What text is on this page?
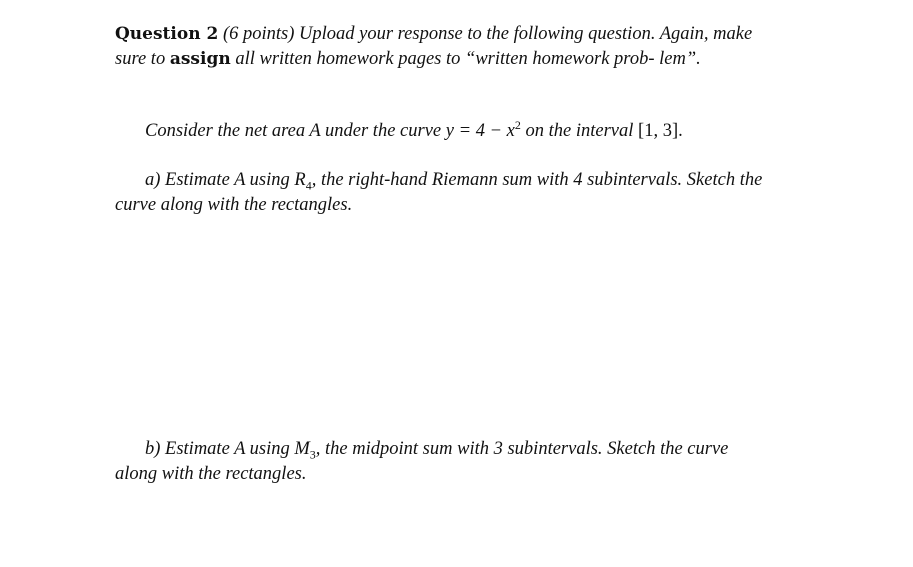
Question 2 (6 points) Upload your response to the following question. Again, make sure to assign all written homework pages to “written homework prob- lem”.
Consider the net area A under the curve $y = 4 - x^2$ on the interval [1, 3].
a) Estimate A using $R_4$, the right-hand Riemann sum with 4 subintervals. Sketch the curve along with the rectangles.
b) Estimate A using $M_3$, the midpoint sum with 3 subintervals. Sketch the curve along with the rectangles.
